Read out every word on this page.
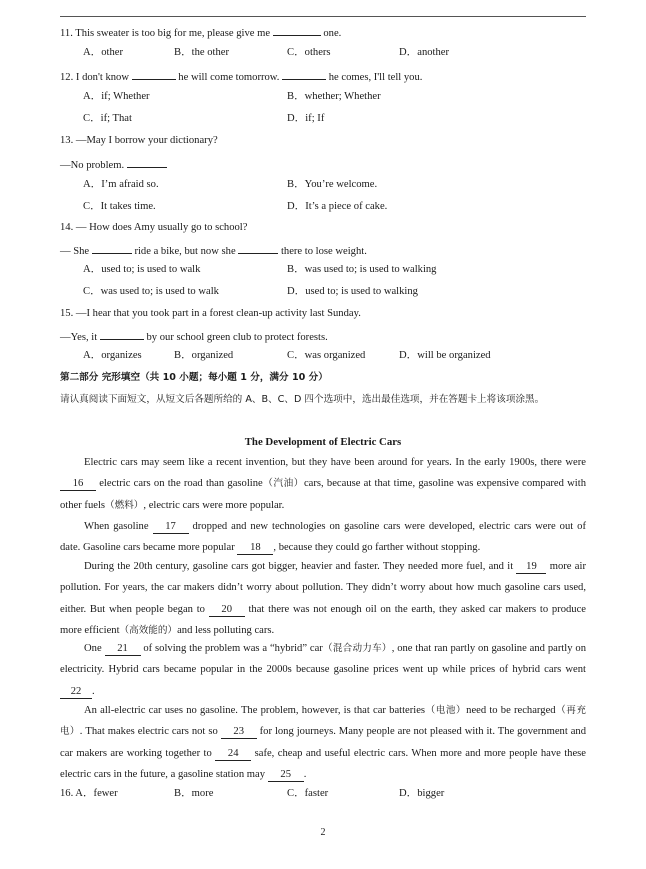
11. This sweater is too big for me, please give me	one.
A．other	B．the other	C．others	D．another
12. I don't know	he will come tomorrow.	he comes, I'll tell you.
A．if; Whether	B．whether; Whether
C．if; That	D．if; If
13. —May I borrow your dictionary?
—No problem.
A．I’m afraid so.	B．You’re welcome.
C．It takes time.	D．It’s a piece of cake.
14. — How does Amy usually go to school?
— She	ride a bike, but now she	there to lose weight.
A．used to; is used to walk	B．was used to; is used to walking
C．was used to; is used to walk	D．used to; is used to walking
15. —I hear that you took part in a forest clean-up activity last Sunday.
—Yes, it	by our school green club to protect forests.
A．organizes	B．organized	C．was organized	D．will be organized
第二部分 完形填空（共 10 小题；每小题 1 分，满分 10 分）
请认真阅读下面短文，从短文后各题所给的 A、B、C、D 四个选项中，选出最佳选项，并在答题卡上将该项涂黑。
The Development of Electric Cars
Electric cars may seem like a recent invention, but they have been around for years. In the early 1900s, there were 16 electric cars on the road than gasoline（汽油）cars, because at that time, gasoline was expensive compared with other fuels（燃料）, electric cars were more popular.
When gasoline 17 dropped and new technologies on gasoline cars were developed, electric cars were out of date. Gasoline cars became more popular 18 , because they could go farther without stopping.
During the 20th century, gasoline cars got bigger, heavier and faster. They needed more fuel, and it 19 more air pollution. For years, the car makers didn’t worry about pollution. They didn’t worry about how much gasoline cars used, either. But when people began to 20 that there was not enough oil on the earth, they asked car makers to produce more efficient（高效能的）and less polluting cars.
One 21 of solving the problem was a “hybrid” car（混合动力车）, one that ran partly on gasoline and partly on electricity. Hybrid cars became popular in the 2000s because gasoline prices went up while prices of hybrid cars went 22 .
An all-electric car uses no gasoline. The problem, however, is that car batteries（电池）need to be recharged（再充电）. That makes electric cars not so 23 for long journeys. Many people are not pleased with it. The government and car makers are working together to 24 safe, cheap and useful electric cars. When more and more people have these electric cars in the future, a gasoline station may 25 .
16. A．fewer	B．more	C．faster	D．bigger
2
